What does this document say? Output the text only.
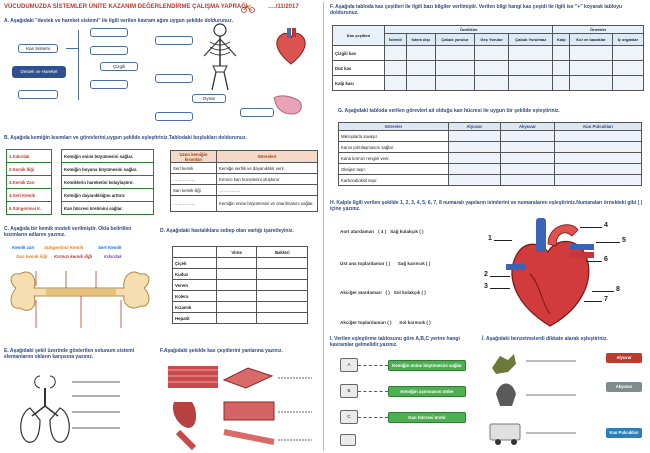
VÜCUDUMUZDA SİSTEMLER ÜNİTE KAZANIM DEĞERLENDİRME ÇALIŞMA YAPRAĞI	…./11/2017
A. Aşağıdaki "destek ve hareket sistemi" ile ilgili verilen kavram ağını uygun şekilde doldurunuz.
Kas Sistemi
Destek ve Hareket Sistemi
Çizgili
Oynar
B. Aşağıda kemiğin kısımları ve görevlerini,uygun şekilde eşleştiriniz.Tablodaki boşlukları doldurunuz.
1.Kıkırdak		Kemiğin enine büyümesini sağlar.
2.Kemik İliği		Kemiğin boyuna büyümesini sağlar.
3.Kemik Zarı		Kemiklerin hareketini kolaylaştırır.
4.Sert Kemik		Kemiğin dayanıklılığını arttırır.
5.Süngerimsi K.		Kan hücresi üretimini sağlar.
Uzun kemiğin kısımları	Görevleri
Sert kemik	Kemiğe sertlik ve dayanıklılık verir.
……………	Kırmızı kan hücrelerini oluşturur.
Sarı kemik iliği	……………
……………	Kemiğin enine büyümesini ve onarılmasını sağlar.
C. Aşağıda bir kemik modeli verilmiştir. Okla belirtilen kısımların adlarını yazınız.
Kemik zarı Süngerimsi Kemik	Sert Kemik
Sarı kemik iliği Kırmızı kemik iliği	Kıkırdak
D. Aşağıdaki hastalıklara sebep olan varlığı işaretleyiniz.
	Virüs	Bakteri
Çiçek		
Kuduz		
Verem		
Kolera		
Kızamık		
Hepatit		
E. Aşağıdaki şekil üzerinde gösterilen solunum sistemi elemanlarını okların karşısına yazınız.
F.Aşağıdaki şekilde kas çeşitlerini yanlarına yazınız.
F. Aşağıda tabloda kas çeşitleri ile ilgili bazı bilgiler verilmiştir. Verilen bilgi hangi kas çeşidi ile ilgili ise "+" koyarak tabloyu doldurunuz.
Kas çeşitleri	Özellikler					Örnekler		
	İstemli	İstem dışı	Çabuk yorulur	Geç Yorulur	Çabuk Yorulmaz	Kalp	Kol ve bacaklar	İç organlar
Çizgili kas								
Düz kas								
Kalp kası								
G. Aşağıdaki tabloda verilen görevleri ait olduğu kan hücresi ile uygun bir şekilde eşleştiriniz.
Görevler	Alyuvar	Akyuvar	Kan Pulcukları
Mikroplarla savaşır.			
Kanın pıhtılaşmasını sağlar.			
Kana kırmızı rengini verir.			
Oksijen taşır.			
Karbondioksit taşır.			
H. Kalple ilgili verilen şekilde 1, 2, 3, 4, 5, 6, 7, 8 numaralı yapıların isimlerini ve numaralarını eşleştiriniz.Numaraları örnekteki gibi ( ) içine yazınız.
Aort atardamarı ( 4 ) Sağ kulakçık ( )
Üst ana toplardamar ( ) Sağ karıncık ( )
Akciğer atardamarı ( ) Sol kulakçık ( )
Akciğer toplardamarı ( ) Sol karıncık ( )
1
2
3
4
5
6
7
8
I. Verilen eşleştirme tablosunu göre A,B,C yerine hangi kavramlar gelmelidir,yazınız.
A	Kemiğin enine büyümesini sağlar
B	Kemiğin aşınmasını önler
C	Kan hücresi üretir
İ. Aşağıdaki benzetmelerdi dikkate alarak eşleştiriniz.
Alyuvar
Akyuvar
Kan Pulcukları
